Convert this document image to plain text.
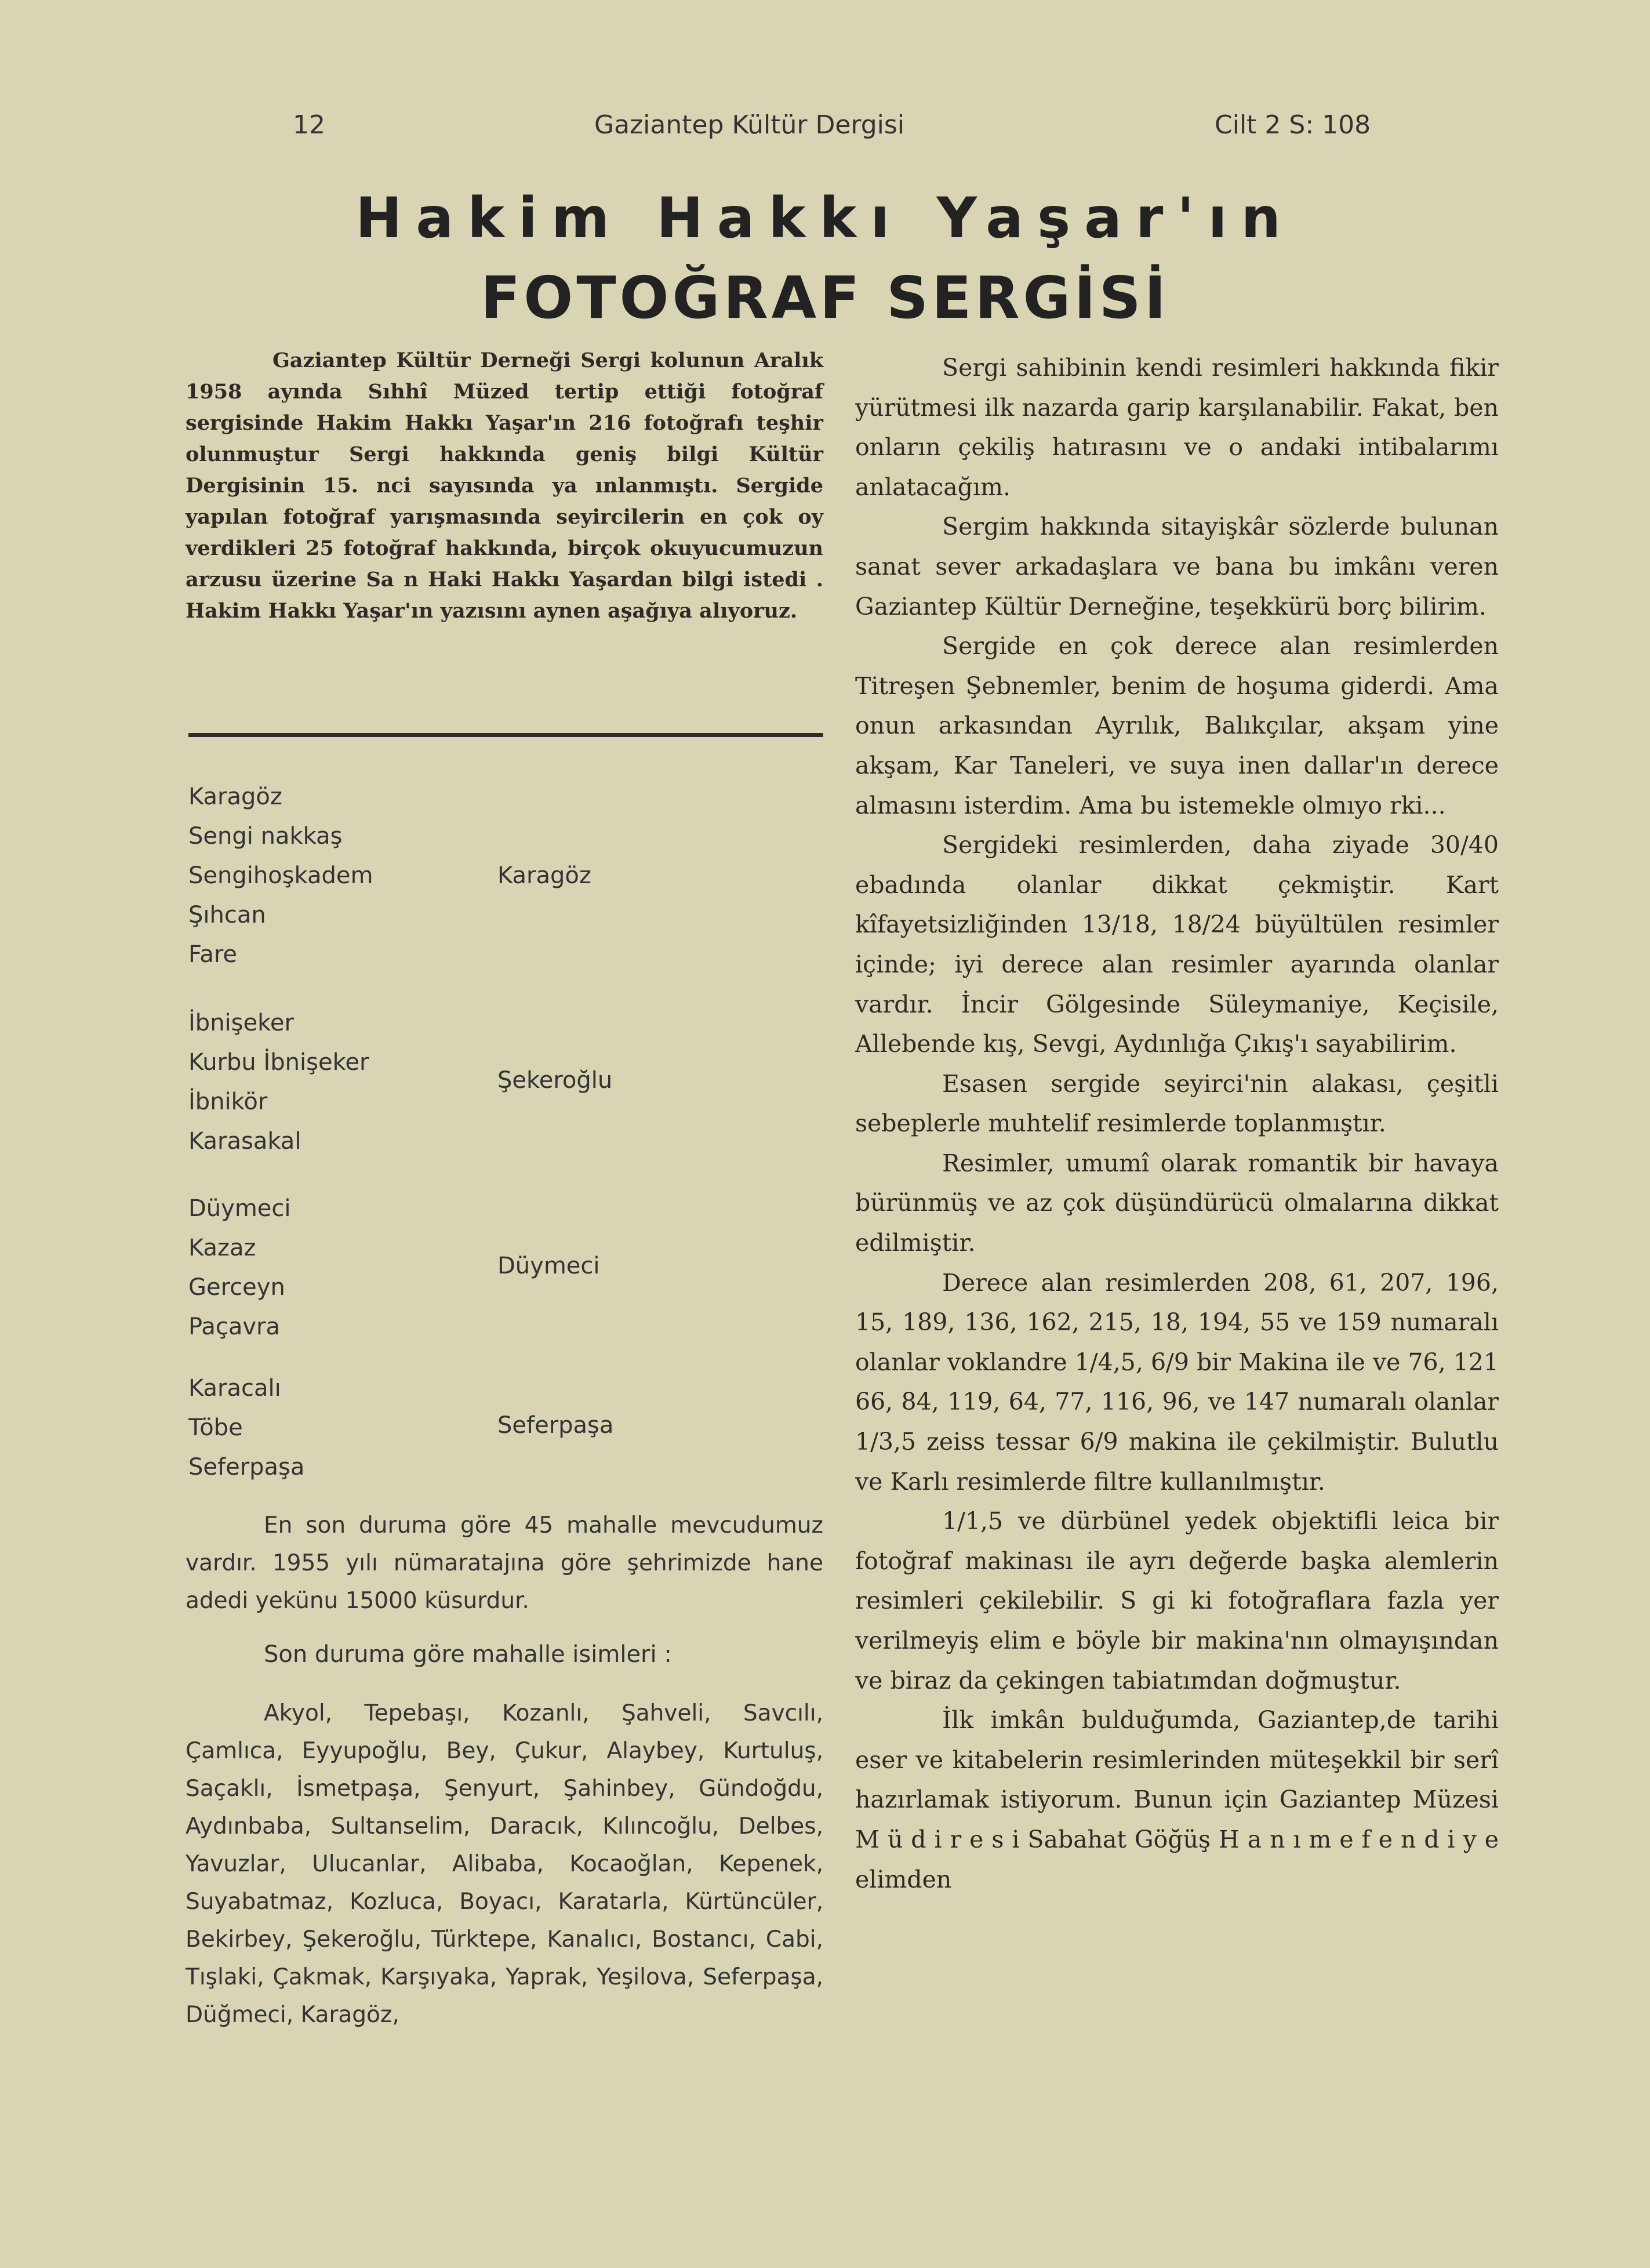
12	Gaziantep Kültür Dergisi	Cilt 2 S: 108
Hakim Hakkı Yaşar'ın
FOTOĞRAF SERGİSİ
Gaziantep Kültür Derneği Sergi kolunun Aralık 1958 ayında Sıhhî Müzed tertip ettiği fotoğraf sergisinde Hakim Hakkı Yaşar'ın 216 fotoğrafı teşhir olunmuştur Sergi hakkında geniş bilgi Kültür Dergisinin 15. nci sayısında ya ınlanmıştı. Sergide yapılan fotoğraf yarışmasında seyircilerin en çok oy verdikleri 25 fotoğraf hakkında, birçok okuyucumuzun arzusu üzerine Sa n Haki Hakkı Yaşardan bilgi istedi . Hakim Hakkı Yaşar'ın yazısını aynen aşağıya alıyoruz.
Karagöz
Sengi nakkaş
Sengihoşkadem
Şıhcan
Fare
Karagöz
İbnişeker
Kurbu İbnişeker
İbnikör
Karasakal
Şekeroğlu
Düymeci
Kazaz
Gerceyn
Paçavra
Düymeci
Karacalı
Töbe
Seferpaşa
Seferpaşa
En son duruma göre 45 mahalle mevcudumuz vardır. 1955 yılı nümaratajına göre şehrimizde hane adedi yekünu 15000 küsurdur.
Son duruma göre mahalle isimleri :
Akyol, Tepebaşı, Kozanlı, Şahveli, Savcılı, Çamlıca, Eyyupoğlu, Bey, Çukur, Alaybey, Kurtuluş, Saçaklı, İsmetpaşa, Şenyurt, Şahinbey, Gündoğdu, Aydınbaba, Sultanselim, Daracık, Kılıncoğlu, Delbes, Yavuzlar, Ulucanlar, Alibaba, Kocaoğlan, Kepenek, Suyabatmaz, Kozluca, Boyacı, Karatarla, Kürtüncüler, Bekirbey, Şekeroğlu, Türktepe, Kanalıcı, Bostancı, Cabi, Tışlaki, Çakmak, Karşıyaka, Yaprak, Yeşilova, Seferpaşa, Düğmeci, Karagöz,

Sergi sahibinin kendi resimleri hakkında fikir yürütmesi ilk nazarda garip karşılanabilir. Fakat, ben onların çekiliş hatırasını ve o andaki intibalarımı anlatacağım.

Sergim hakkında sitayişkâr sözlerde bulunan sanat sever arkadaşlara ve bana bu imkânı veren Gaziantep Kültür Derneğine, teşekkürü borç bilirim.

Sergide en çok derece alan resimlerden Titreşen Şebnemler, benim de hoşuma giderdi. Ama onun arkasından Ayrılık, Balıkçılar, akşam yine akşam, Kar Taneleri, ve suya inen dallar'ın derece almasını isterdim. Ama bu istemekle olmıyo rki...

Sergideki resimlerden, daha ziyade 30/40 ebadında olanlar dikkat çekmiştir. Kart kîfayetsizliğinden 13/18, 18/24 büyültülen resimler içinde; iyi derece alan resimler ayarında olanlar vardır. İncir Gölgesinde Süleymaniye, Keçisile, Allebende kış, Sevgi, Aydınlığa Çıkış'ı sayabilirim.

Esasen sergide seyirci'nin alakası, çeşitli sebeplerle muhtelif resimlerde toplanmıştır.

Resimler, umumî olarak romantik bir havaya bürünmüş ve az çok düşündürücü olmalarına dikkat edilmiştir.

Derece alan resimlerden 208, 61, 207, 196, 15, 189, 136, 162, 215, 18, 194, 55 ve 159 numaralı olanlar voklandre 1/4,5, 6/9 bir Makina ile ve 76, 121 66, 84, 119, 64, 77, 116, 96, ve 147 numaralı olanlar 1/3,5 zeiss tessar 6/9 makina ile çekilmiştir. Bulutlu ve Karlı resimlerde filtre kullanılmıştır.

1/1,5 ve dürbünel yedek objektifli leica bir fotoğraf makinası ile ayrı değerde başka alemlerin resimleri çekilebilir. S gi ki fotoğraflara fazla yer verilmeyiş elim e böyle bir makina'nın olmayışından ve biraz da çekingen tabiatımdan doğmuştur.

İlk imkân bulduğumda, Gaziantep,de tarihi eser ve kitabelerin resimlerinden müteşekkil bir serî hazırlamak istiyorum. Bunun için Gaziantep Müzesi M ü d i r e s i Sabahat Göğüş H a n ı m e f e n d i y e elimden
